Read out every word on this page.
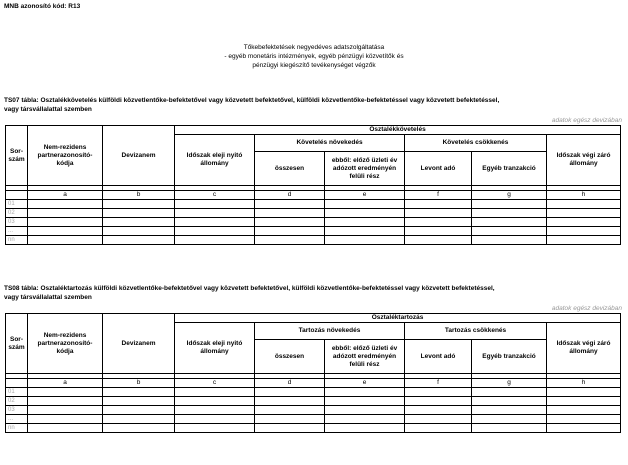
MNB azonosító kód: R13
Tőkebefektetések negyedéves adatszolgáltatása
- egyéb monetáris intézmények, egyéb pénzügyi közvetítők és
pénzügyi kiegészítő tevékenységet végzők
TS07 tábla: Osztalékkövetelés külföldi közvetlentőke-befektetővel vagy közvetett befektetővel, külföldi közvetlentőke-befektetéssel vagy közvetett befektetéssel,
vagy társvállalattal szemben
adatok egész devizában
Sor-szám	Nem-rezidens partnerazonosító-kódja	Devizanem	Osztalékkövetelés					
			Időszak eleji nyitó állomány	Követelés növekedés		Követelés csökkenés		Időszak végi záró állomány
				összesen	ebből: előző üzleti év adózott eredményén felüli rész	Levont adó	Egyéb tranzakció	

	a	b	c	d	e	f	g	h
01								
02								
03								
...								
nn								
TS08 tábla: Osztaléktartozás külföldi közvetlentőke-befektetővel vagy közvetett befektetővel, külföldi közvetlentőke-befektetéssel vagy közvetett befektetéssel,
vagy társvállalattal szemben
adatok egész devizában
Sor-szám	Nem-rezidens partnerazonosító-kódja	Devizanem	Osztaléktartozás					
			Időszak eleji nyitó állomány	Tartozás növekedés		Tartozás csökkenés		Időszak végi záró állomány
				összesen	ebből: előző üzleti év adózott eredményén felüli rész	Levont adó	Egyéb tranzakció	

	a	b	c	d	e	f	g	h
01								
02								
03								
...								
nn								
